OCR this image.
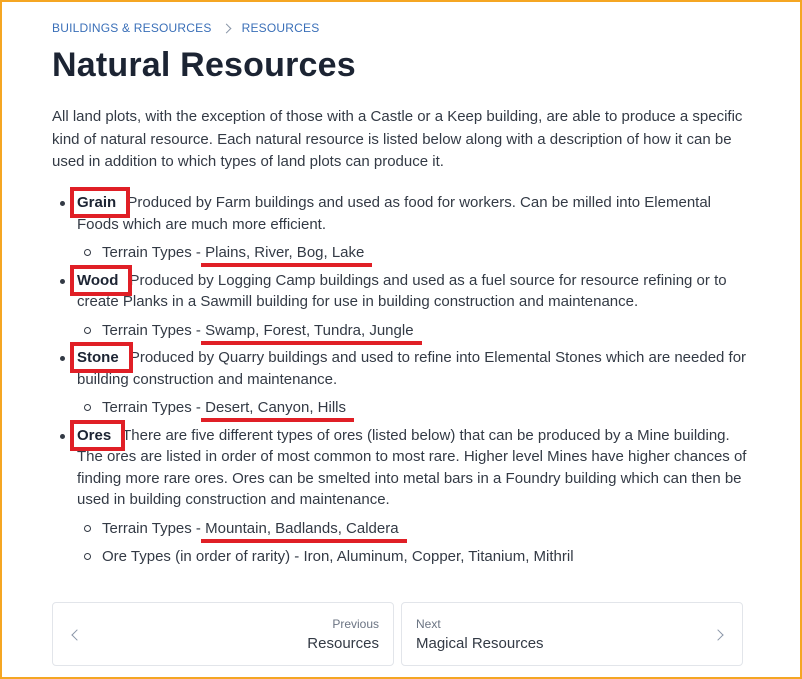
BUILDINGS & RESOURCES	RESOURCES
Natural Resources

All land plots, with the exception of those with a Castle or a Keep building, are able to produce a specific kind of natural resource. Each natural resource is listed below along with a description of how it can be used in addition to which types of land plots can produce it.

Grain Produced by Farm buildings and used as food for workers. Can be milled into Elemental Foods which are much more efficient.
Terrain Types - Plains, River, Bog, Lake
Wood Produced by Logging Camp buildings and used as a fuel source for resource refining or to create Planks in a Sawmill building for use in building construction and maintenance.
Terrain Types - Swamp, Forest, Tundra, Jungle
Stone Produced by Quarry buildings and used to refine into Elemental Stones which are needed for building construction and maintenance.
Terrain Types - Desert, Canyon, Hills
Ores There are five different types of ores (listed below) that can be produced by a Mine building. The ores are listed in order of most common to most rare. Higher level Mines have higher chances of finding more rare ores. Ores can be smelted into metal bars in a Foundry building which can then be used in building construction and maintenance.
Terrain Types - Mountain, Badlands, Caldera
Ore Types (in order of rarity) - Iron, Aluminum, Copper, Titanium, Mithril
Previous
Resources
Next
Magical Resources
